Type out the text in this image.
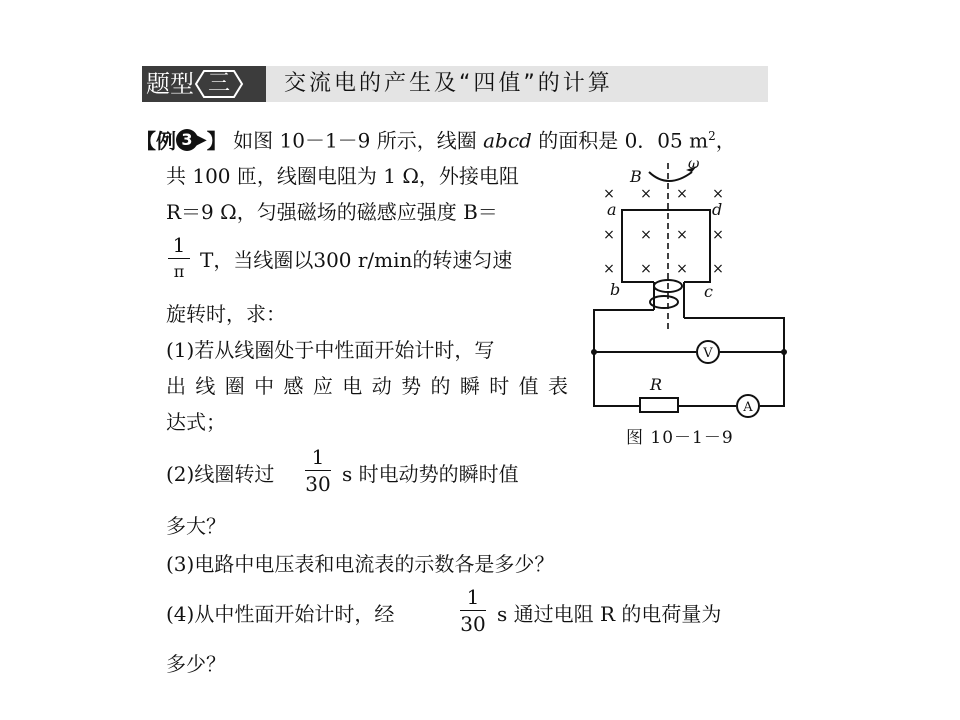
题型 三	交流电的产生及“四值”的计算
【例 3 ▶】 如图 10－1－9 所示，线圈 abcd 的面积是 0．05 $m^2$，
共 100 匝，线圈电阻为 1 Ω，外接电阻
R＝9 Ω，匀强磁场的磁感应强度 B＝
1
π T，当线圈以300 r/min的转速匀速
旋转时，求：
(1)若从线圈处于中性面开始计时，写
出线圈中感应电动势的瞬时值表
达式；
(2)线圈转过
1
30 s 时电动势的瞬时值
多大？
(3)电路中电压表和电流表的示数各是多少？
(4)从中性面开始计时，经
1
30 s 通过电阻 R 的电荷量为
多少？
× × × ×
× × × ×
× × × ×
B
ω
a	d
b	c
R
V
A
图 10－1－9
